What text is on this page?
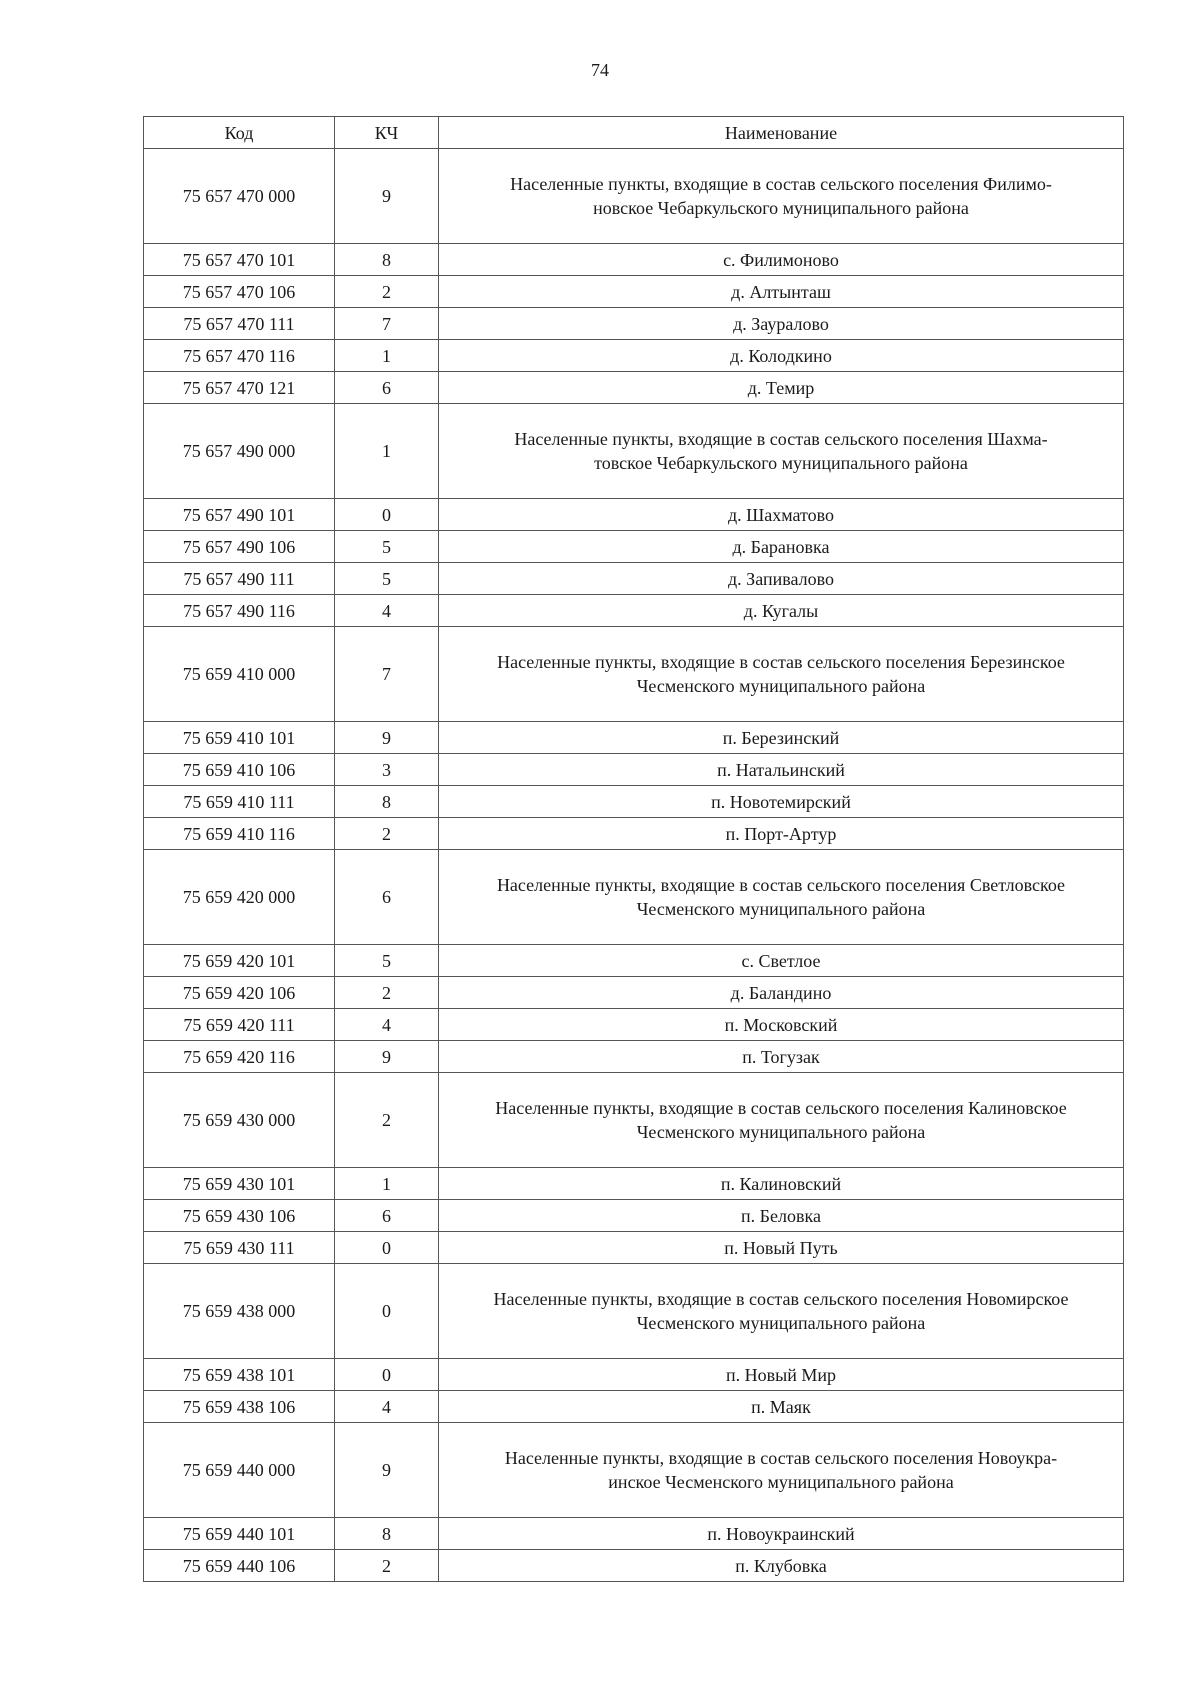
74
Код	КЧ	Наименование
75 657 470 000	9	Населенные пункты, входящие в состав сельского поселения Филимо-
новское Чебаркульского муниципального района
75 657 470 101	8	с. Филимоново
75 657 470 106	2	д. Алтынташ
75 657 470 111	7	д. Зауралово
75 657 470 116	1	д. Колодкино
75 657 470 121	6	д. Темир
75 657 490 000	1	Населенные пункты, входящие в состав сельского поселения Шахма-
товское Чебаркульского муниципального района
75 657 490 101	0	д. Шахматово
75 657 490 106	5	д. Барановка
75 657 490 111	5	д. Запивалово
75 657 490 116	4	д. Кугалы
75 659 410 000	7	Населенные пункты, входящие в состав сельского поселения Березинское
Чесменского муниципального района
75 659 410 101	9	п. Березинский
75 659 410 106	3	п. Натальинский
75 659 410 111	8	п. Новотемирский
75 659 410 116	2	п. Порт-Артур
75 659 420 000	6	Населенные пункты, входящие в состав сельского поселения Светловское
Чесменского муниципального района
75 659 420 101	5	с. Светлое
75 659 420 106	2	д. Баландино
75 659 420 111	4	п. Московский
75 659 420 116	9	п. Тогузак
75 659 430 000	2	Населенные пункты, входящие в состав сельского поселения Калиновское
Чесменского муниципального района
75 659 430 101	1	п. Калиновский
75 659 430 106	6	п. Беловка
75 659 430 111	0	п. Новый Путь
75 659 438 000	0	Населенные пункты, входящие в состав сельского поселения Новомирское
Чесменского муниципального района
75 659 438 101	0	п. Новый Мир
75 659 438 106	4	п. Маяк
75 659 440 000	9	Населенные пункты, входящие в состав сельского поселения Новоукра-
инское Чесменского муниципального района
75 659 440 101	8	п. Новоукраинский
75 659 440 106	2	п. Клубовка
